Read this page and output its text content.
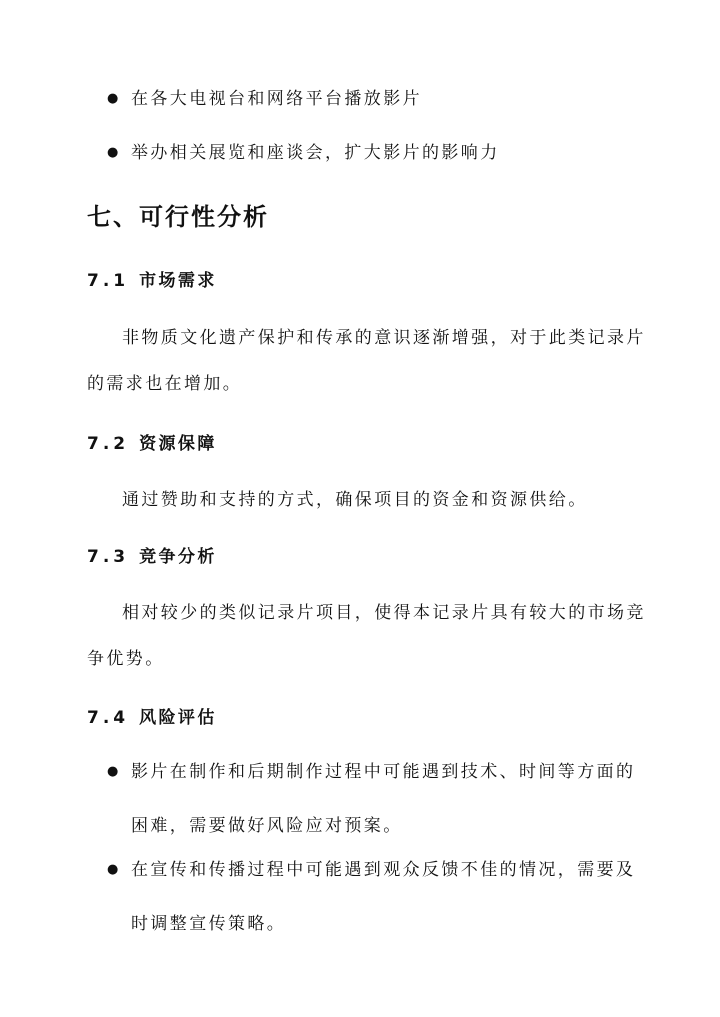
● 在各大电视台和网络平台播放影片
● 举办相关展览和座谈会，扩大影片的影响力
七、可行性分析
7.1 市场需求
非物质文化遗产保护和传承的意识逐渐增强，对于此类记录片
的需求也在增加。
7.2 资源保障
通过赞助和支持的方式，确保项目的资金和资源供给。
7.3 竞争分析
相对较少的类似记录片项目，使得本记录片具有较大的市场竞
争优势。
7.4 风险评估
● 影片在制作和后期制作过程中可能遇到技术、时间等方面的
困难，需要做好风险应对预案。
● 在宣传和传播过程中可能遇到观众反馈不佳的情况，需要及
时调整宣传策略。
